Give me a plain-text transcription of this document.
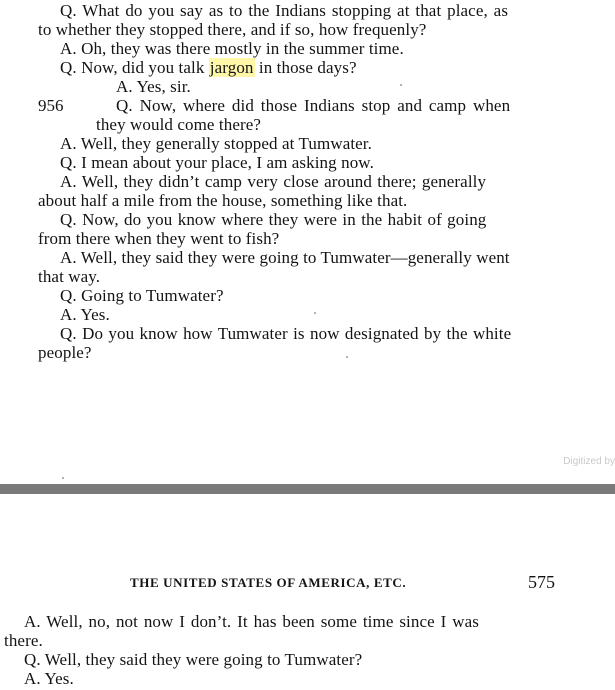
Q. What do you say as to the Indians stopping at that place, as
to whether they stopped there, and if so, how frequenly?
A. Oh, they was there mostly in the summer time.
Q. Now, did you talk jargon in those days?
A. Yes, sir.
956	Q. Now, where did those Indians stop and camp when
they would come there?
A. Well, they generally stopped at Tumwater.
Q. I mean about your place, I am asking now.
A. Well, they didn’t camp very close around there; generally
about half a mile from the house, something like that.
Q. Now, do you know where they were in the habit of going
from there when they went to fish?
A. Well, they said they were going to Tumwater—generally went
that way.
Q. Going to Tumwater?
A. Yes.
Q. Do you know how Tumwater is now designated by the white
people?
Digitized by
THE UNITED STATES OF AMERICA, ETC.	575
A. Well, no, not now I don’t. It has been some time since I was
there.
Q. Well, they said they were going to Tumwater?
A. Yes.
